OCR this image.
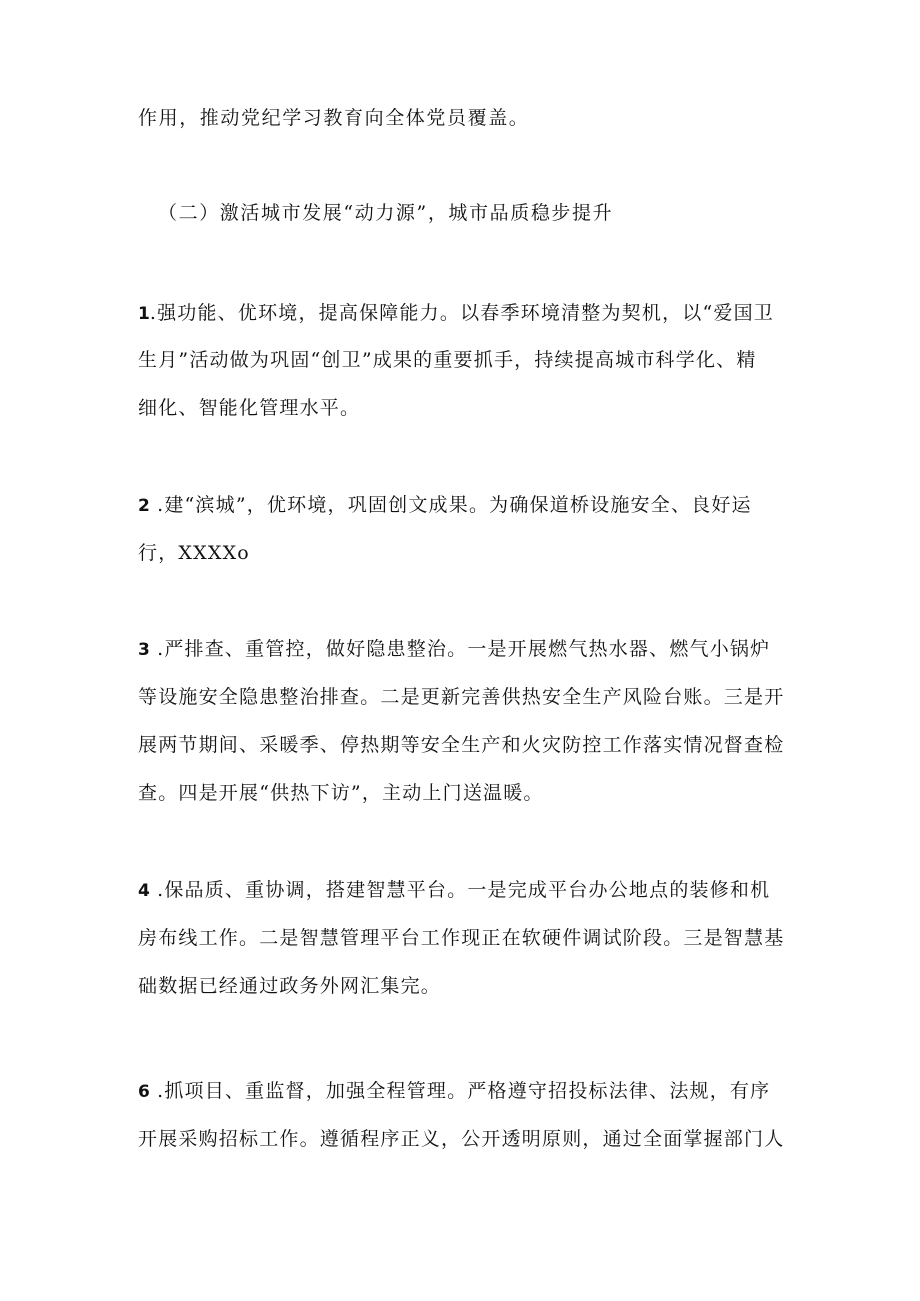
作用，推动党纪学习教育向全体党员覆盖。
（二）激活城市发展“动力源”，城市品质稳步提升
1.强功能、优环境，提高保障能力。以春季环境清整为契机，以“爱国卫
生月”活动做为巩固“创卫”成果的重要抓手，持续提高城市科学化、精
细化、智能化管理水平。
2 .建“滨城”，优环境，巩固创文成果。为确保道桥设施安全、良好运
行，XXXXo
3 .严排查、重管控，做好隐患整治。一是开展燃气热水器、燃气小锅炉
等设施安全隐患整治排查。二是更新完善供热安全生产风险台账。三是开
展两节期间、采暖季、停热期等安全生产和火灾防控工作落实情况督查检
查。四是开展“供热下访”，主动上门送温暖。
4 .保品质、重协调，搭建智慧平台。一是完成平台办公地点的装修和机
房布线工作。二是智慧管理平台工作现正在软硬件调试阶段。三是智慧基
础数据已经通过政务外网汇集完。
6 .抓项目、重监督，加强全程管理。严格遵守招投标法律、法规，有序
开展采购招标工作。遵循程序正义，公开透明原则，通过全面掌握部门人
